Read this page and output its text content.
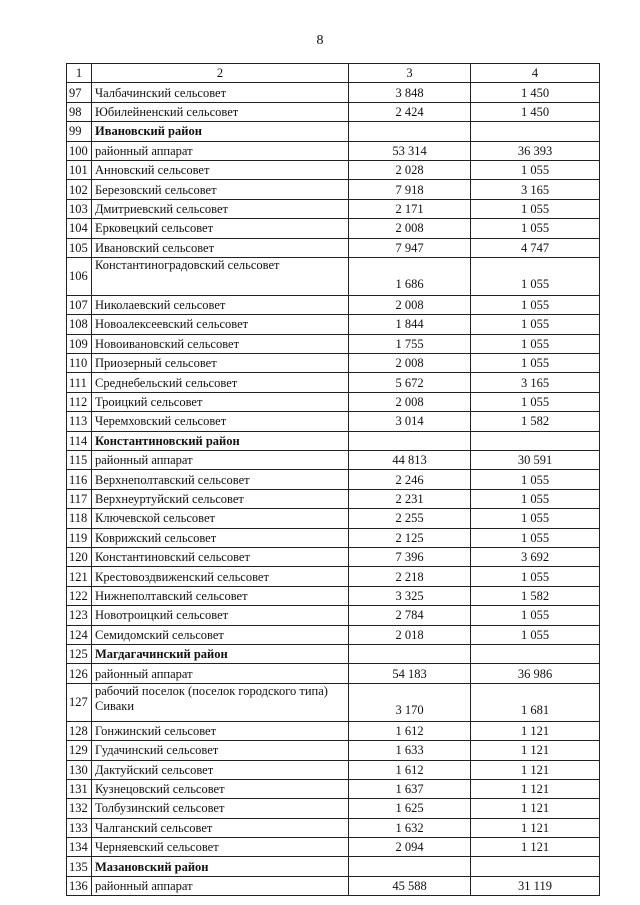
8
1	2	3	4
97	Чалбачинский сельсовет	3 848	1 450
98	Юбилейненский сельсовет	2 424	1 450
99	Ивановский район		
100	районный аппарат	53 314	36 393
101	Анновский сельсовет	2 028	1 055
102	Березовский сельсовет	7 918	3 165
103	Дмитриевский сельсовет	2 171	1 055
104	Ерковецкий сельсовет	2 008	1 055
105	Ивановский сельсовет	7 947	4 747
106	Константиноградовский сельсовет	1 686	1 055
107	Николаевский сельсовет	2 008	1 055
108	Новоалексеевский сельсовет	1 844	1 055
109	Новоивановский сельсовет	1 755	1 055
110	Приозерный сельсовет	2 008	1 055
111	Среднебельский сельсовет	5 672	3 165
112	Троицкий сельсовет	2 008	1 055
113	Черемховский сельсовет	3 014	1 582
114	Константиновский район		
115	районный аппарат	44 813	30 591
116	Верхнеполтавский сельсовет	2 246	1 055
117	Верхнеуртуйский сельсовет	2 231	1 055
118	Ключевской сельсовет	2 255	1 055
119	Коврижский сельсовет	2 125	1 055
120	Константиновский сельсовет	7 396	3 692
121	Крестовоздвиженский сельсовет	2 218	1 055
122	Нижнеполтавский сельсовет	3 325	1 582
123	Новотроицкий сельсовет	2 784	1 055
124	Семидомский сельсовет	2 018	1 055
125	Магдагачинский район		
126	районный аппарат	54 183	36 986
127	рабочий поселок (поселок городского типа) Сиваки	3 170	1 681
128	Гонжинский сельсовет	1 612	1 121
129	Гудачинский сельсовет	1 633	1 121
130	Дактуйский сельсовет	1 612	1 121
131	Кузнецовский сельсовет	1 637	1 121
132	Толбузинский сельсовет	1 625	1 121
133	Чалганский сельсовет	1 632	1 121
134	Черняевский сельсовет	2 094	1 121
135	Мазановский район		
136	районный аппарат	45 588	31 119
